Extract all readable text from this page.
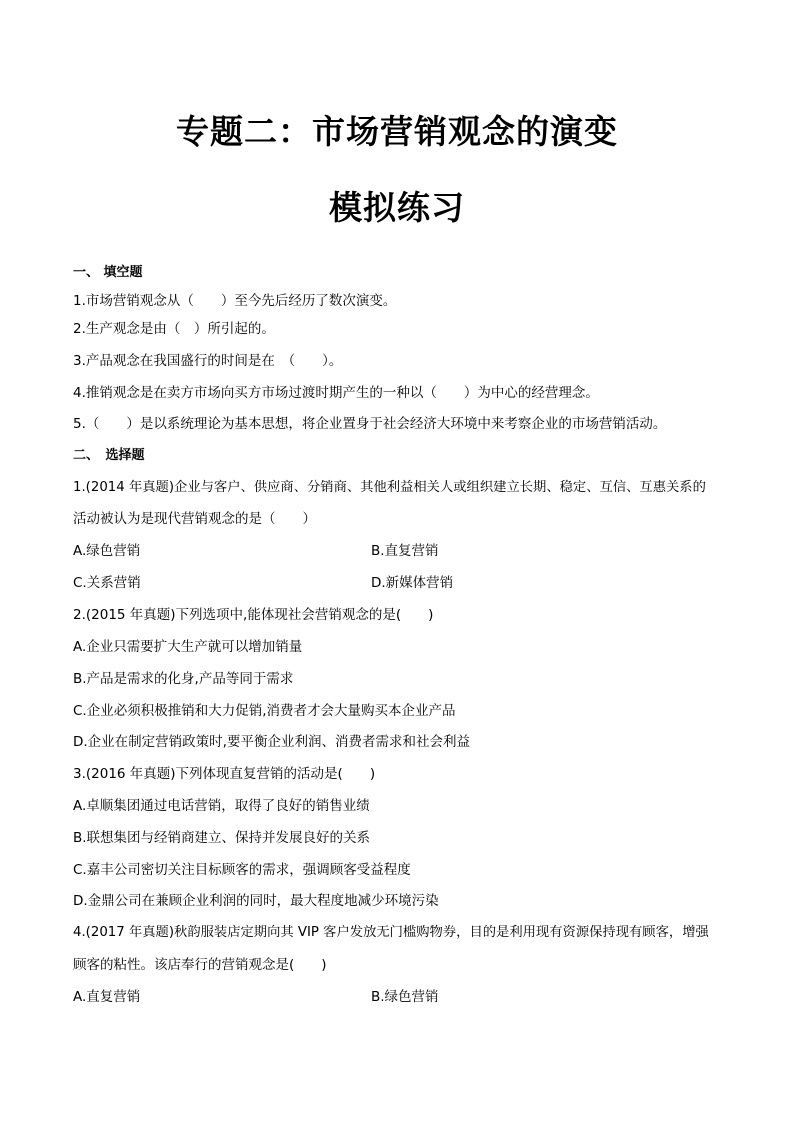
专题二：市场营销观念的演变
模拟练习
一、 填空题
1.市场营销观念从（　　）至今先后经历了数次演变。
2.生产观念是由（　）所引起的。
3.产品观念在我国盛行的时间是在　（　　）。
4.推销观念是在卖方市场向买方市场过渡时期产生的一种以（　　）为中心的经营理念。
5.（　　）是以系统理论为基本思想，将企业置身于社会经济大环境中来考察企业的市场营销活动。
二、　选择题
1.(2014 年真题)企业与客户、供应商、分销商、其他利益相关人或组织建立长期、稳定、互信、互惠关系的
活动被认为是现代营销观念的是（　　）
A.绿色营销	B.直复营销
C.关系营销	D.新媒体营销
2.(2015 年真题)下列选项中,能体现社会营销观念的是(　　)
A.企业只需要扩大生产就可以增加销量
B.产品是需求的化身,产品等同于需求
C.企业必须积极推销和大力促销,消费者才会大量购买本企业产品
D.企业在制定营销政策时,要平衡企业利润、消费者需求和社会利益
3.(2016 年真题)下列体现直复营销的活动是(　　)
A.卓顺集团通过电话营销，取得了良好的销售业绩
B.联想集团与经销商建立、保持并发展良好的关系
C.嘉丰公司密切关注目标顾客的需求，强调顾客受益程度
D.金鼎公司在兼顾企业利润的同时，最大程度地减少环境污染
4.(2017 年真题)秋韵服装店定期向其 VIP 客户发放无门槛购物券，目的是利用现有资源保持现有顾客，增强
顾客的粘性。该店奉行的营销观念是(　　)
A.直复营销	B.绿色营销
